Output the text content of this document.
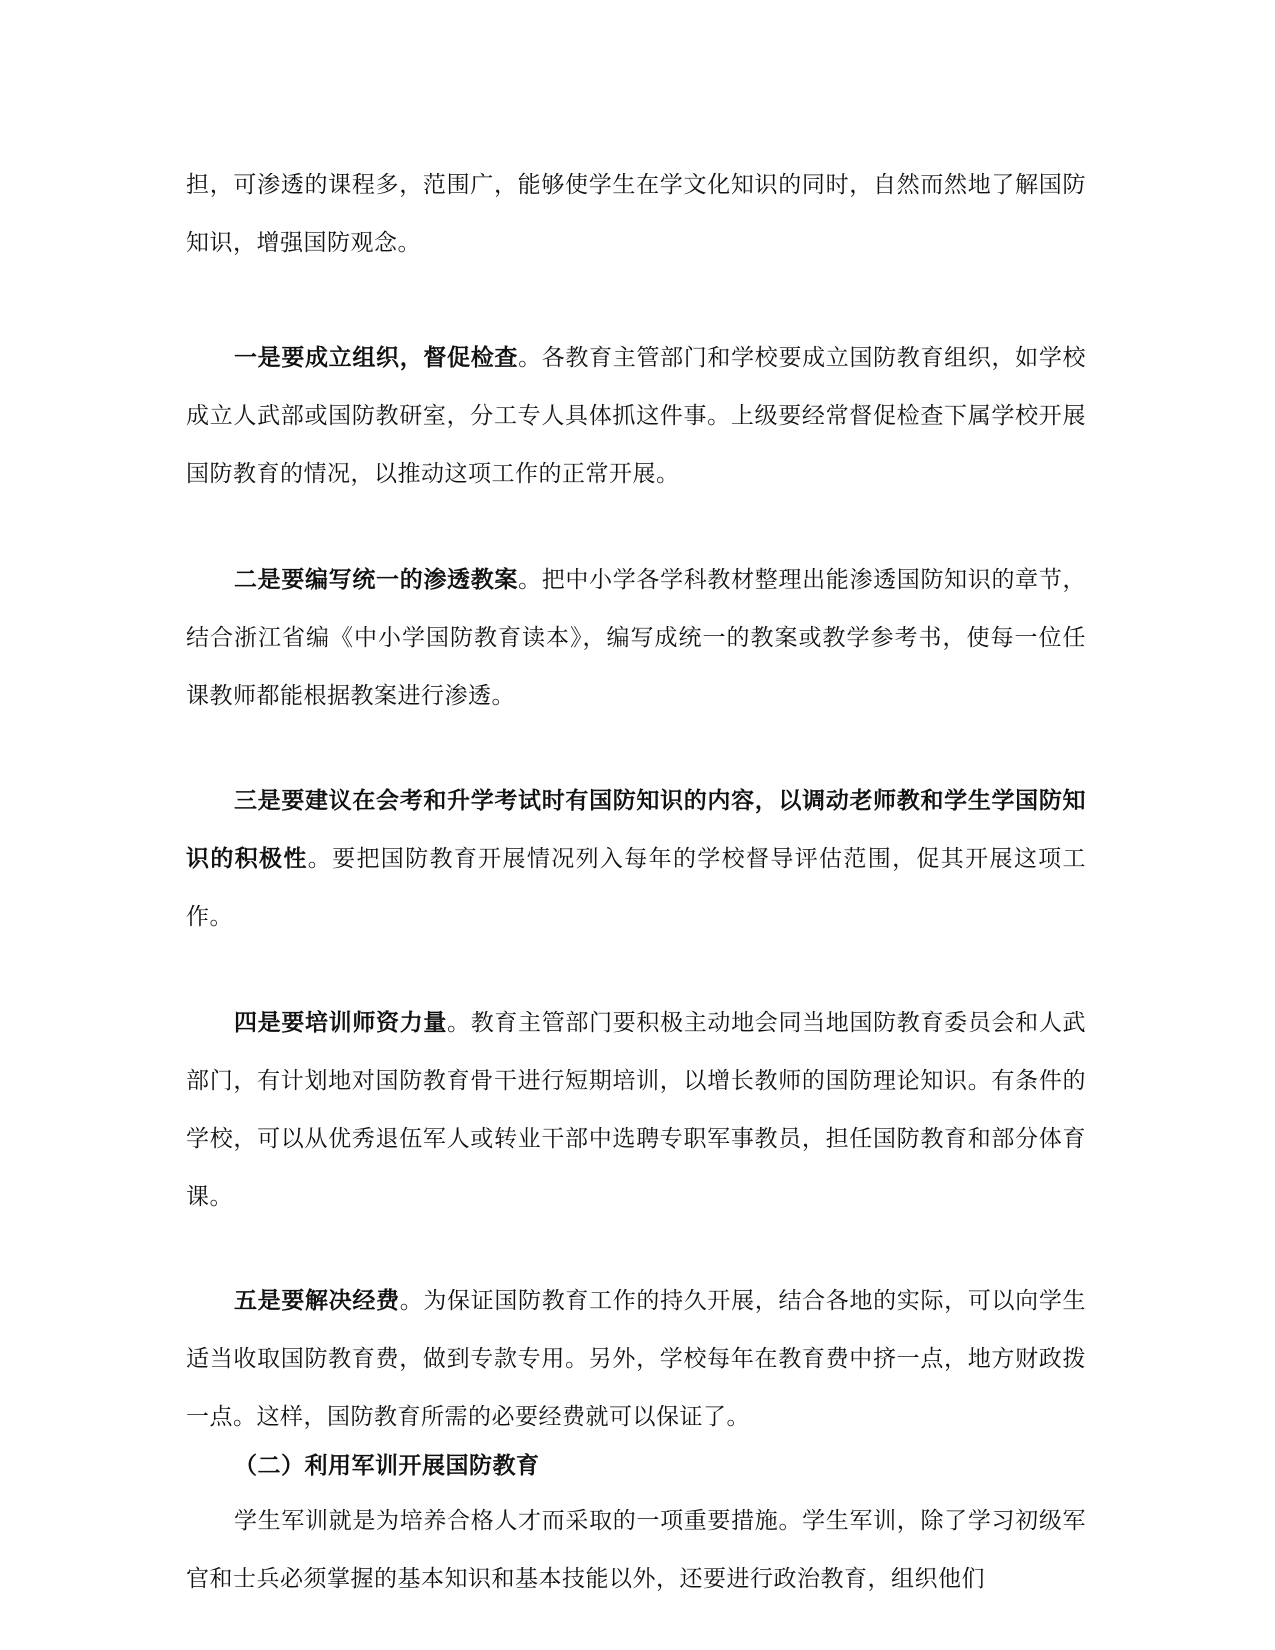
担，可渗透的课程多，范围广，能够使学生在学文化知识的同时，自然而然地了解国防知识，增强国防观念。

一是要成立组织，督促检查。各教育主管部门和学校要成立国防教育组织，如学校成立人武部或国防教研室，分工专人具体抓这件事。上级要经常督促检查下属学校开展国防教育的情况，以推动这项工作的正常开展。

二是要编写统一的渗透教案。把中小学各学科教材整理出能渗透国防知识的章节，结合浙江省编《中小学国防教育读本》，编写成统一的教案或教学参考书，使每一位任课教师都能根据教案进行渗透。

三是要建议在会考和升学考试时有国防知识的内容，以调动老师教和学生学国防知识的积极性。要把国防教育开展情况列入每年的学校督导评估范围，促其开展这项工作。

四是要培训师资力量。教育主管部门要积极主动地会同当地国防教育委员会和人武部门，有计划地对国防教育骨干进行短期培训，以增长教师的国防理论知识。有条件的学校，可以从优秀退伍军人或转业干部中选聘专职军事教员，担任国防教育和部分体育课。

五是要解决经费。为保证国防教育工作的持久开展，结合各地的实际，可以向学生适当收取国防教育费，做到专款专用。另外，学校每年在教育费中挤一点，地方财政拨一点。这样，国防教育所需的必要经费就可以保证了。

（二）利用军训开展国防教育

学生军训就是为培养合格人才而采取的一项重要措施。学生军训，除了学习初级军官和士兵必须掌握的基本知识和基本技能以外，还要进行政治教育，组织他们
